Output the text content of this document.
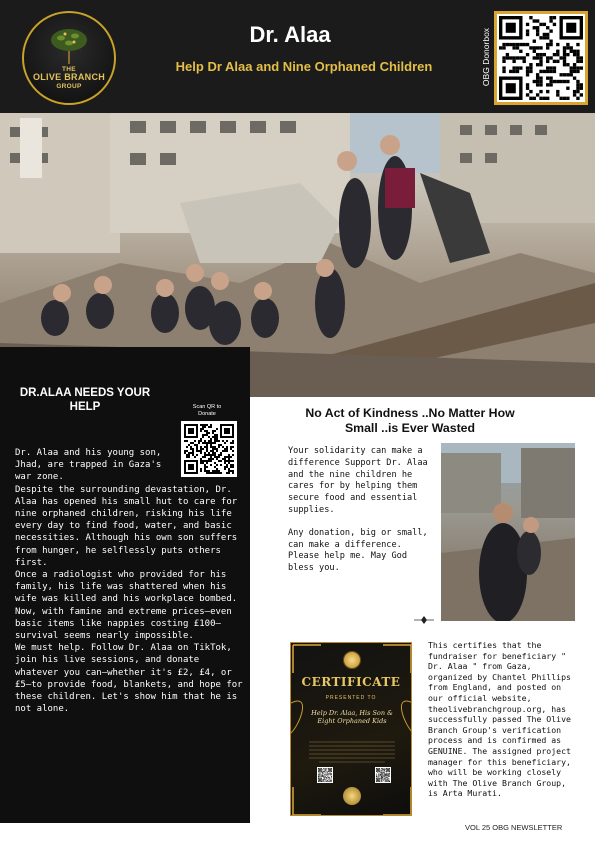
THE
OLIVE BRANCH
GROUP
Dr. Alaa
Help Dr Alaa and Nine Orphaned Children	OBG Donorbox
DR.ALAA NEEDS YOUR HELP	Scan QR to Donate

Dr. Alaa and his young son, Jhad, are trapped in Gaza's war zone.

Despite the surrounding devastation, Dr. Alaa has opened his small hut to care for nine orphaned children, risking his life every day to find food, water, and basic necessities. Although his own son suffers from hunger, he selflessly puts others first.

Once a radiologist who provided for his family, his life was shattered when his wife was killed and his workplace bombed. Now, with famine and extreme prices—even basic items like nappies costing £100—survival seems nearly impossible.

We must help. Follow Dr. Alaa on TikTok, join his live sessions, and donate whatever you can—whether it's £2, £4, or £5—to provide food, blankets, and hope for these children. Let's show him that he is not alone.

No Act of Kindness ..No Matter How Small ..is Ever Wasted

Your solidarity can make a difference Support Dr. Alaa and the nine children he cares for by helping them secure food and essential supplies.

Any donation, big or small, can make a difference. Please help me. May God bless you.

CERTIFICATE
PRESENTED TO
Help Dr. Alaa, His Son & Eight Orphaned Kids
This certifies that the fundraiser for beneficiary " Dr. Alaa " from Gaza, organized by Chantel Phillips from England, and posted on our official website, theolivebranchgroup.org, has successfully passed The Olive Branch Group's verification process and is confirmed as GENUINE. The assigned project manager for this beneficiary, who will be working closely with The Olive Branch Group, is Arta Murati.
VOL 25 OBG NEWSLETTER
